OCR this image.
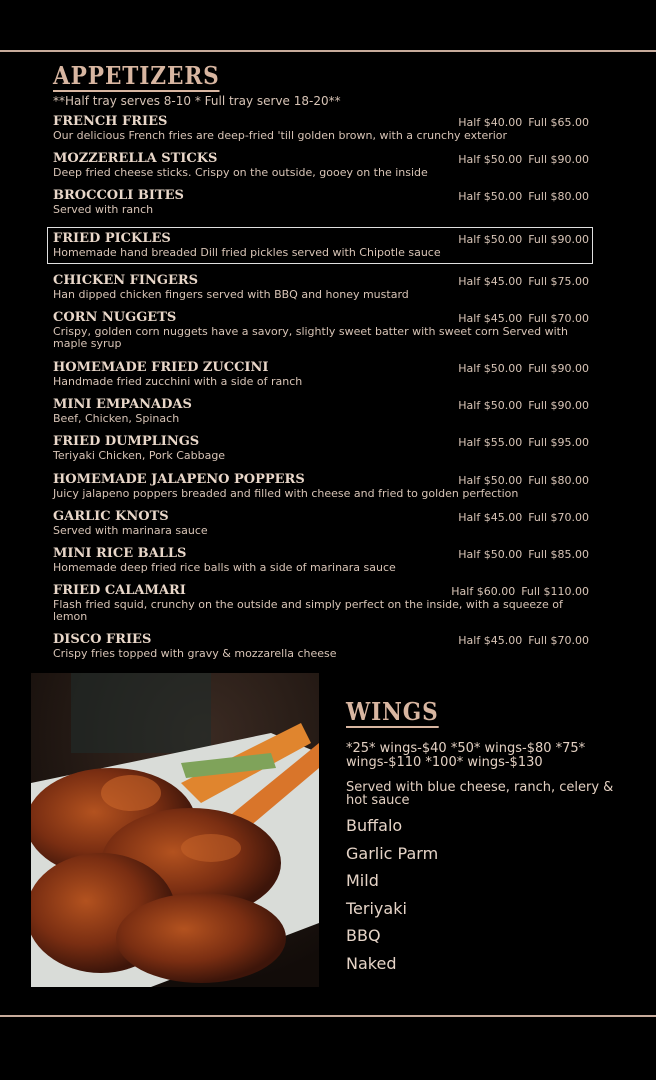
APPETIZERS
**Half tray serves 8-10 * Full tray serve 18-20**
FRENCH FRIES
Our delicious French fries are deep-fried 'till golden brown, with a crunchy exterior
Half $40.00 Full $65.00
MOZZERELLA STICKS
Deep fried cheese sticks. Crispy on the outside, gooey on the inside
Half $50.00 Full $90.00
BROCCOLI BITES
Served with ranch
Half $50.00 Full $80.00
FRIED PICKLES
Homemade hand breaded Dill fried pickles served with Chipotle sauce
Half $50.00 Full $90.00
CHICKEN FINGERS
Han dipped chicken fingers served with BBQ and honey mustard
Half $45.00 Full $75.00
CORN NUGGETS
Crispy, golden corn nuggets have a savory, slightly sweet batter with sweet corn Served with maple syrup
Half $45.00 Full $70.00
HOMEMADE FRIED ZUCCINI
Handmade fried zucchini with a side of ranch
Half $50.00 Full $90.00
MINI EMPANADAS
Beef, Chicken, Spinach
Half $50.00 Full $90.00
FRIED DUMPLINGS
Teriyaki Chicken, Pork Cabbage
Half $55.00 Full $95.00
HOMEMADE JALAPENO POPPERS
Juicy jalapeno poppers breaded and filled with cheese and fried to golden perfection
Half $50.00 Full $80.00
GARLIC KNOTS
Served with marinara sauce
Half $45.00 Full $70.00
MINI RICE BALLS
Homemade deep fried rice balls with a side of marinara sauce
Half $50.00 Full $85.00
FRIED CALAMARI
Flash fried squid, crunchy on the outside and simply perfect on the inside, with a squeeze of lemon
Half $60.00 Full $110.00
DISCO FRIES
Crispy fries topped with gravy & mozzarella cheese
Half $45.00 Full $70.00
WINGS
*25* wings-$40 *50* wings-$80 *75* wings-$110 *100* wings-$130
Served with blue cheese, ranch, celery & hot sauce
Buffalo
Garlic Parm
Mild
Teriyaki
BBQ
Naked
